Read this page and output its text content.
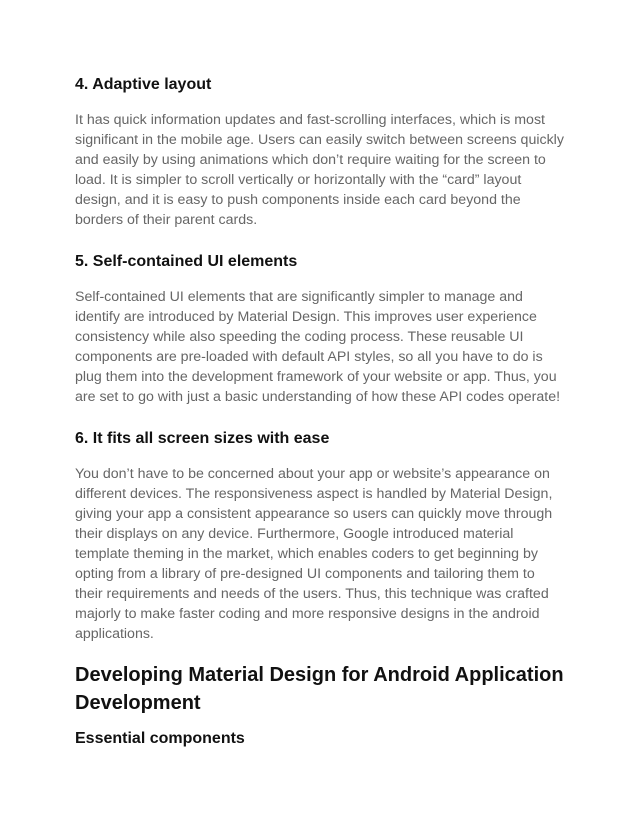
4. Adaptive layout

It has quick information updates and fast-scrolling interfaces, which is most
significant in the mobile age. Users can easily switch between screens quickly
and easily by using animations which don’t require waiting for the screen to
load. It is simpler to scroll vertically or horizontally with the “card” layout
design, and it is easy to push components inside each card beyond the
borders of their parent cards.

5. Self-contained UI elements

Self-contained UI elements that are significantly simpler to manage and
identify are introduced by Material Design. This improves user experience
consistency while also speeding the coding process. These reusable UI
components are pre-loaded with default API styles, so all you have to do is
plug them into the development framework of your website or app. Thus, you
are set to go with just a basic understanding of how these API codes operate!

6. It fits all screen sizes with ease

You don’t have to be concerned about your app or website’s appearance on
different devices. The responsiveness aspect is handled by Material Design,
giving your app a consistent appearance so users can quickly move through
their displays on any device. Furthermore, Google introduced material
template theming in the market, which enables coders to get beginning by
opting from a library of pre-designed UI components and tailoring them to
their requirements and needs of the users. Thus, this technique was crafted
majorly to make faster coding and more responsive designs in the android
applications.

Developing Material Design for Android Application
Development
Essential components
